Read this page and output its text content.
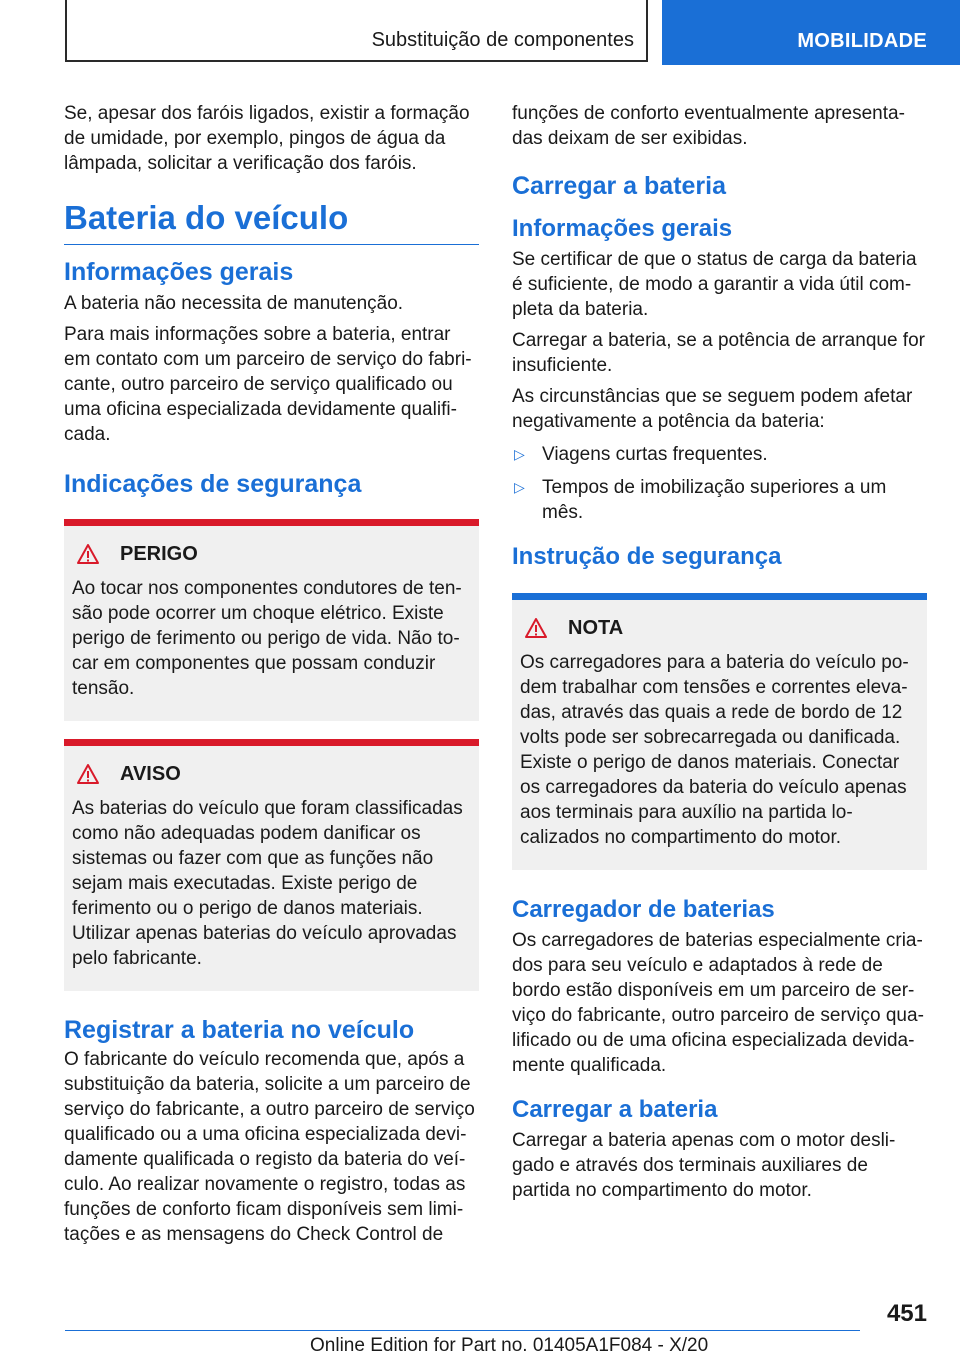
Substituição de componentes	MOBILIDADE

Se, apesar dos faróis ligados, existir a formação de umidade, por exemplo, pingos de água da lâmpada, solicitar a verificação dos faróis.

Bateria do veículo
Informações gerais

A bateria não necessita de manutenção.

Para mais informações sobre a bateria, entrar em contato com um parceiro de serviço do fabricante, outro parceiro de serviço qualificado ou uma oficina especializada devidamente qualificada.

Indicações de segurança
PERIGO

Ao tocar nos componentes condutores de tensão pode ocorrer um choque elétrico. Existe perigo de ferimento ou perigo de vida. Não tocar em componentes que possam conduzir tensão.

AVISO

As baterias do veículo que foram classificadas como não adequadas podem danificar os sistemas ou fazer com que as funções não sejam mais executadas. Existe perigo de ferimento ou o perigo de danos materiais. Utilizar apenas baterias do veículo aprovadas pelo fabricante.

Registrar a bateria no veículo

O fabricante do veículo recomenda que, após a substituição da bateria, solicite a um parceiro de serviço do fabricante, a outro parceiro de serviço qualificado ou a uma oficina especializada devidamente qualificada o registo da bateria do veículo. Ao realizar novamente o registro, todas as funções de conforto ficam disponíveis sem limitações e as mensagens do Check Control de

funções de conforto eventualmente apresentadas deixam de ser exibidas.

Carregar a bateria
Informações gerais

Se certificar de que o status de carga da bateria é suficiente, de modo a garantir a vida útil completa da bateria.

Carregar a bateria, se a potência de arranque for insuficiente.

As circunstâncias que se seguem podem afetar negativamente a potência da bateria:

▷ Viagens curtas frequentes.
▷ Tempos de imobilização superiores a um mês.
Instrução de segurança
NOTA

Os carregadores para a bateria do veículo podem trabalhar com tensões e correntes elevadas, através das quais a rede de bordo de 12 volts pode ser sobrecarregada ou danificada. Existe o perigo de danos materiais. Conectar os carregadores da bateria do veículo apenas aos terminais para auxílio na partida localizados no compartimento do motor.

Carregador de baterias

Os carregadores de baterias especialmente criados para seu veículo e adaptados à rede de bordo estão disponíveis em um parceiro de serviço do fabricante, outro parceiro de serviço qualificado ou de uma oficina especializada devidamente qualificada.

Carregar a bateria

Carregar a bateria apenas com o motor desligado e através dos terminais auxiliares de partida no compartimento do motor.

451
Online Edition for Part no. 01405A1F084 - X/20
